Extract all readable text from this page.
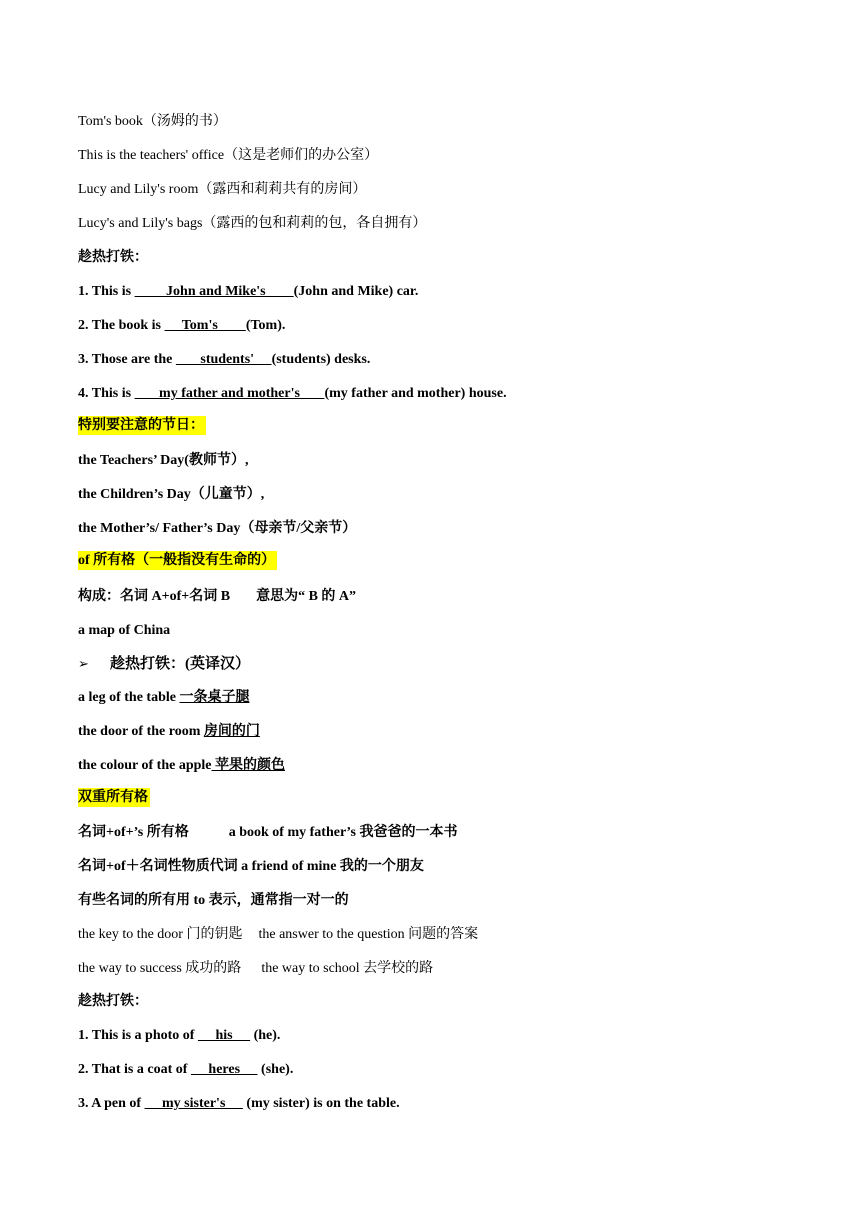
Tom's book（汤姆的书）
This is the teachers' office（这是老师们的办公室）
Lucy and Lily's room（露西和莉莉共有的房间）
Lucy's and Lily's bags（露西的包和莉莉的包，各自拥有）
趁热打铁：
1. This is          John and Mike's        (John and Mike) car.
2. The book is      Tom's        (Tom).
3. Those are the        students'     (students) desks.
4. This is        my father and mother's       (my father and mother) house.
特别要注意的节日：
the Teachers’ Day(教师节）,
the Children’s Day（儿童节）,
the Mother’s/ Father’s Day（母亲节/父亲节）
of 所有格（一般指没有生命的）
构成：名词 A+of+名词 B 意思为“ B 的 A”
a map of China
➢ 趁热打铁：(英译汉）
a leg of the table 一条桌子腿
the door of the room 房间的门
the colour of the apple 苹果的颜色
双重所有格
名词+of+’s 所有格	a book of my father’s 我爸爸的一本书
名词+of＋名词性物质代词 a friend of mine 我的一个朋友
有些名词的所有用 to 表示，通常指一对一的
the key to the door 门的钥匙 the answer to the question 问题的答案
the way to success 成功的路 the way to school 去学校的路
趁热打铁：
1. This is a photo of      his      (he).
2. That is a coat of      heres      (she).
3. A pen of      my sister's      (my sister) is on the table.
